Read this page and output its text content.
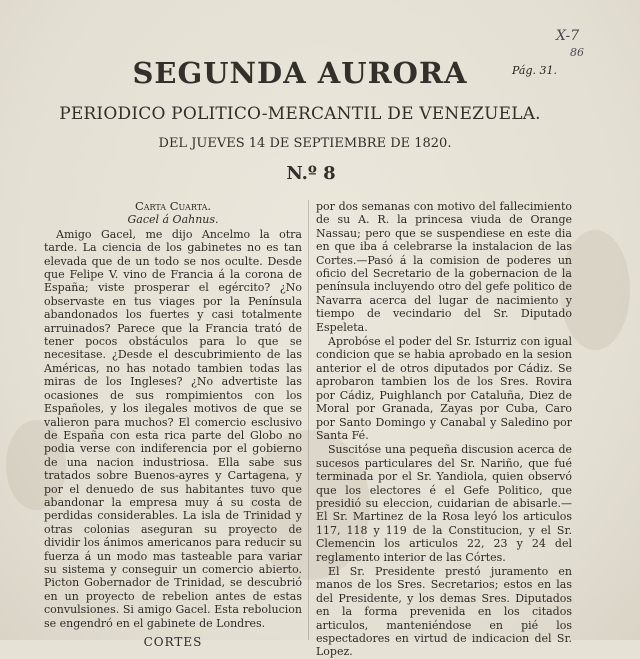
X-7
86
SEGUNDA AURORA	Pág. 31.
PERIODICO POLITICO-MERCANTIL DE VENEZUELA.
DEL JUEVES 14 DE SEPTIEMBRE DE 1820.
N.º 8
Carta Cuarta.
Gacel á Oahnus.

Amigo Gacel, me dijo Ancelmo la otra tarde. La ciencia de los gabinetes no es tan elevada que de un todo se nos oculte. Desde que Felipe V. vino de Francia á la corona de España; viste prosperar el egército? ¿No observaste en tus viages por la Península abandonados los fuertes y casi totalmente arruinados? Parece que la Francia trató de tener pocos obstáculos para lo que se necesitase. ¿Desde el descubrimiento de las Américas, no has notado tambien todas las miras de los Ingleses? ¿No advertiste las ocasiones de sus rompimientos con los Españoles, y los ilegales motivos de que se valieron para muchos? El comercio esclusivo de España con esta rica parte del Globo no podia verse con indiferencia por el gobierno de una nacion industriosa. Ella sabe sus tratados sobre Buenos-ayres y Cartagena, y por el denuedo de sus habitantes tuvo que abandonar la empresa muy á su costa de perdidas considerables. La isla de Trinidad y otras colonias aseguran su proyecto de dividir los ánimos americanos para reducir su fuerza á un modo mas tasteable para variar su sistema y conseguir un comercio abierto. Picton Gobernador de Trinidad, se descubrió en un proyecto de rebelion antes de estas convulsiones. Si amigo Gacel. Esta rebolucion se engendró en el gabinete de Londres.

CORTES

por dos semanas con motivo del fallecimiento de su A. R. la princesa viuda de Orange Nassau; pero que se suspendiese en este dia en que iba á celebrarse la instalacion de las Cortes.—Pasó á la comision de poderes un oficio del Secretario de la gobernacion de la península incluyendo otro del gefe politico de Navarra acerca del lugar de nacimiento y tiempo de vecindario del Sr. Diputado Espeleta.

Aprobóse el poder del Sr. Isturriz con igual condicion que se habia aprobado en la sesion anterior el de otros diputados por Cádiz. Se aprobaron tambien los de los Sres. Rovira por Cádiz, Puighlanch por Cataluña, Diez de Moral por Granada, Zayas por Cuba, Caro por Santo Domingo y Canabal y Saledino por Santa Fé.

Suscitóse una pequeña discusion acerca de sucesos particulares del Sr. Nariño, que fué terminada por el Sr. Yandiola, quien observó que los electores é el Gefe Politico, que presidió su eleccion, cuidarian de abisarle.—El Sr. Martinez de la Rosa leyó los articulos 117, 118 y 119 de la Constitucion, y el Sr. Clemencin los articulos 22, 23 y 24 del reglamento interior de las Córtes.

El Sr. Presidente prestó juramento en manos de los Sres. Secretarios; estos en las del Presidente, y los demas Sres. Diputados en la forma prevenida en los citados articulos, manteniéndose en pié los espectadores en virtud de indicacion del Sr. Lopez.
